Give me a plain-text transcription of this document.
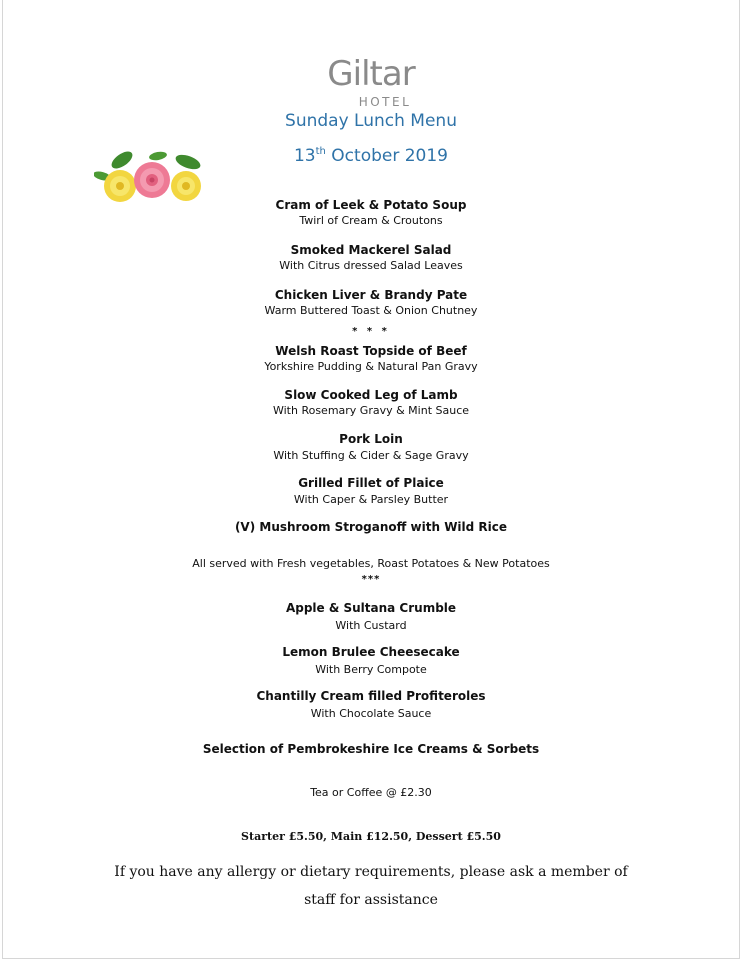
Giltar
HOTEL
Sunday Lunch Menu
13th October 2019
Cram of Leek & Potato Soup
Twirl of Cream & Croutons
Smoked Mackerel Salad
With Citrus dressed Salad Leaves
Chicken Liver & Brandy Pate
Warm Buttered Toast & Onion Chutney
* * *
Welsh Roast Topside of Beef
Yorkshire Pudding & Natural Pan Gravy
Slow Cooked Leg of Lamb
With Rosemary Gravy & Mint Sauce
Pork Loin
With Stuffing & Cider & Sage Gravy
Grilled Fillet of Plaice
With Caper & Parsley Butter
(V) Mushroom Stroganoff with Wild Rice
All served with Fresh vegetables, Roast Potatoes & New Potatoes
***
Apple & Sultana Crumble
With Custard
Lemon Brulee Cheesecake
With Berry Compote
Chantilly Cream filled Profiteroles
With Chocolate Sauce
Selection of Pembrokeshire Ice Creams & Sorbets
Tea or Coffee @ £2.30
Starter £5.50, Main £12.50, Dessert £5.50
If you have any allergy or dietary requirements, please ask a member of
staff for assistance
